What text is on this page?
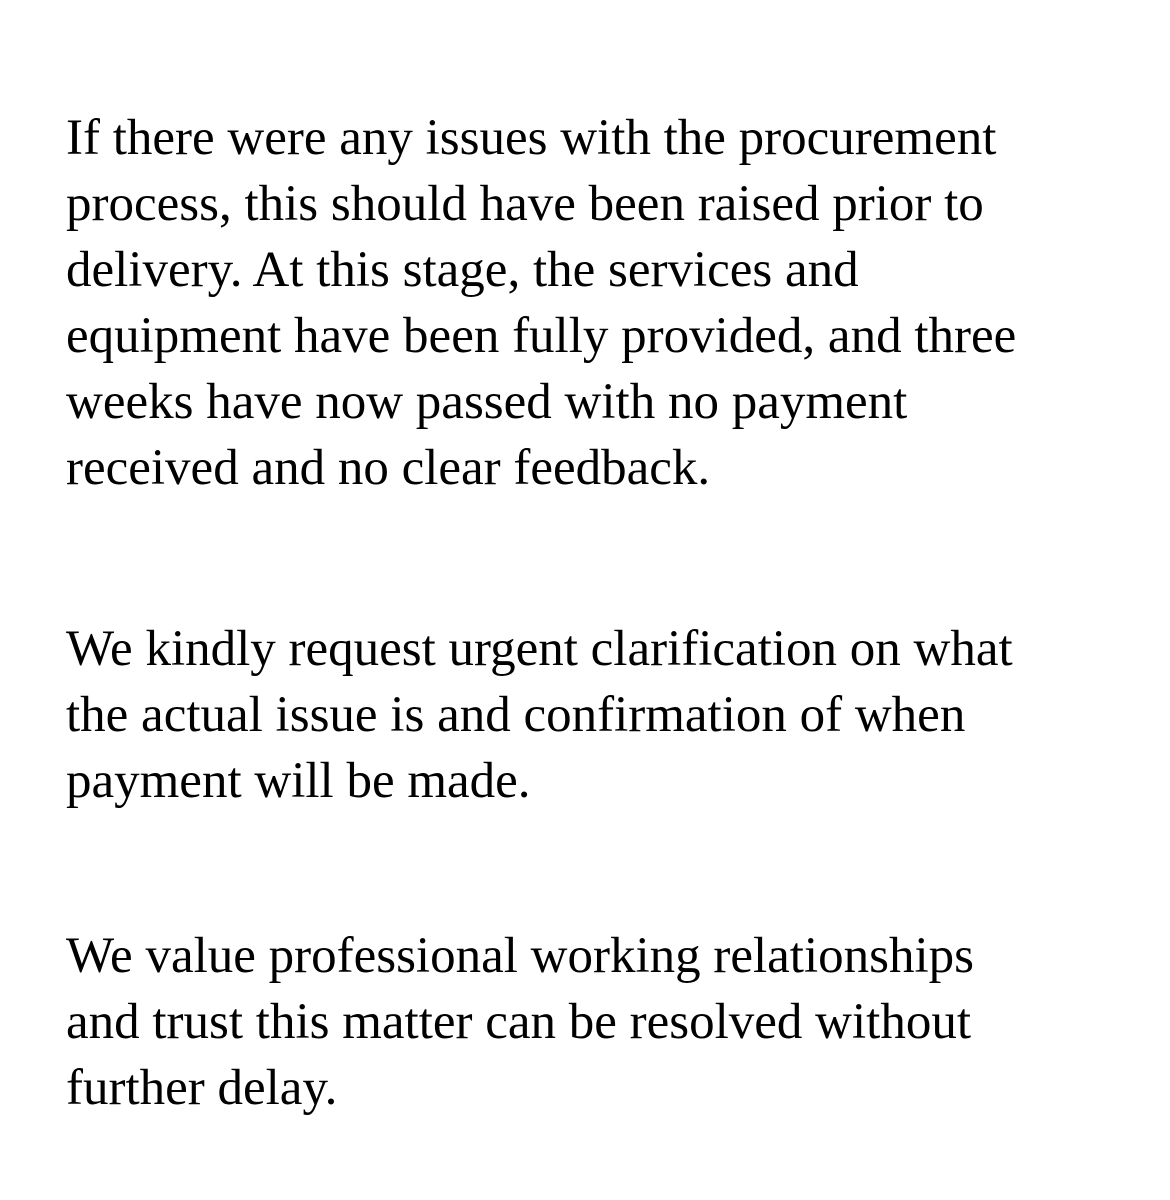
If there were any issues with the procurement
process, this should have been raised prior to
delivery. At this stage, the services and
equipment have been fully provided, and three
weeks have now passed with no payment
received and no clear feedback.

We kindly request urgent clarification on what
the actual issue is and confirmation of when
payment will be made.

We value professional working relationships
and trust this matter can be resolved without
further delay.
